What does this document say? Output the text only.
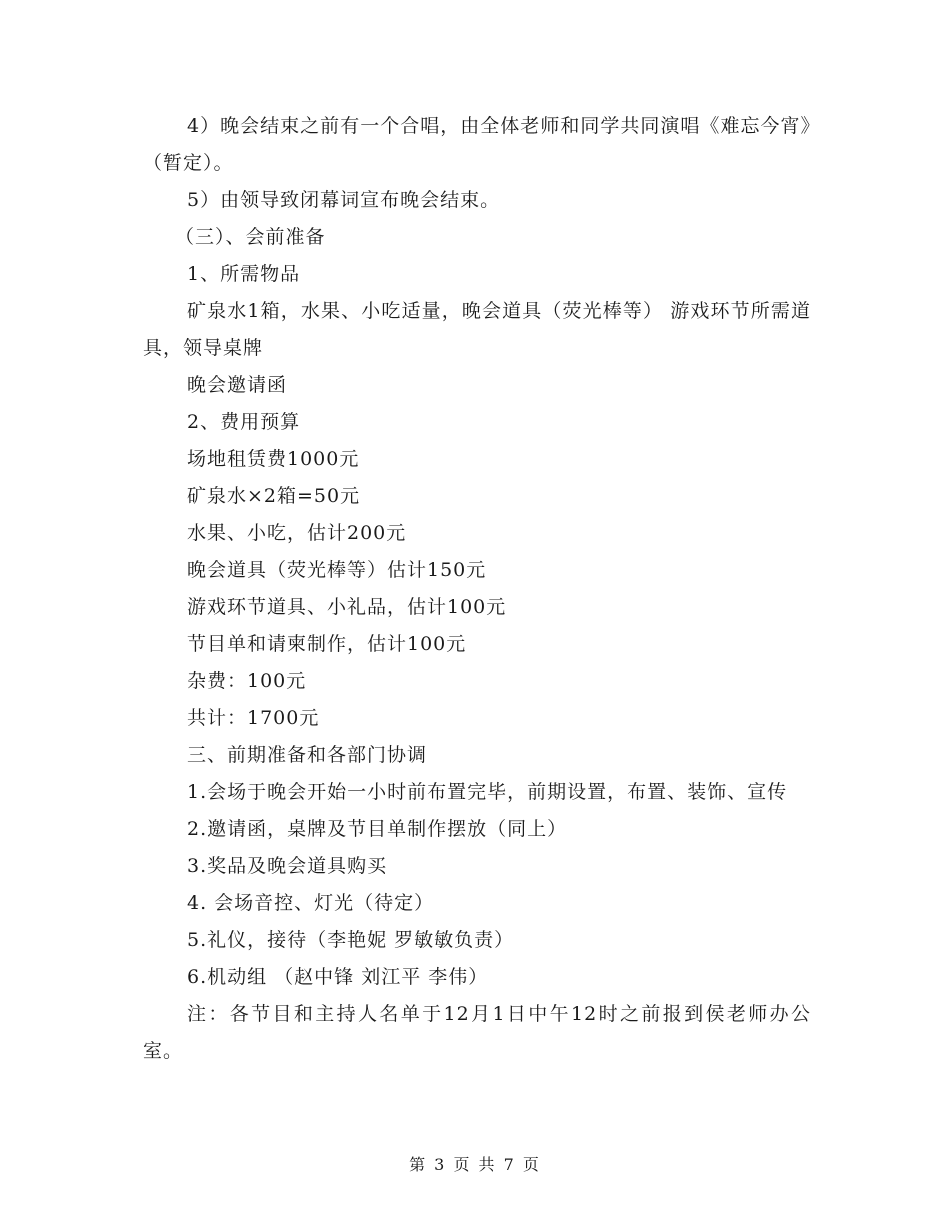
4）晚会结束之前有一个合唱，由全体老师和同学共同演唱《难忘今宵》（暂定）。

5）由领导致闭幕词宣布晚会结束。

（三）、会前准备

1、所需物品

矿泉水1箱，水果、小吃适量，晚会道具（荧光棒等） 游戏环节所需道具，领导桌牌

晚会邀请函

2、费用预算

场地租赁费1000元

矿泉水×2箱=50元

水果、小吃，估计200元

晚会道具（荧光棒等）估计150元

游戏环节道具、小礼品，估计100元

节目单和请柬制作，估计100元

杂费：100元

共计：1700元

三、前期准备和各部门协调

1.会场于晚会开始一小时前布置完毕，前期设置，布置、装饰、宣传

2.邀请函，桌牌及节目单制作摆放（同上）

3.奖品及晚会道具购买

4. 会场音控、灯光（待定）

5.礼仪，接待（李艳妮 罗敏敏负责）

6.机动组 （赵中锋 刘江平 李伟）

注：各节目和主持人名单于12月1日中午12时之前报到侯老师办公室。

第 3 页 共 7 页
